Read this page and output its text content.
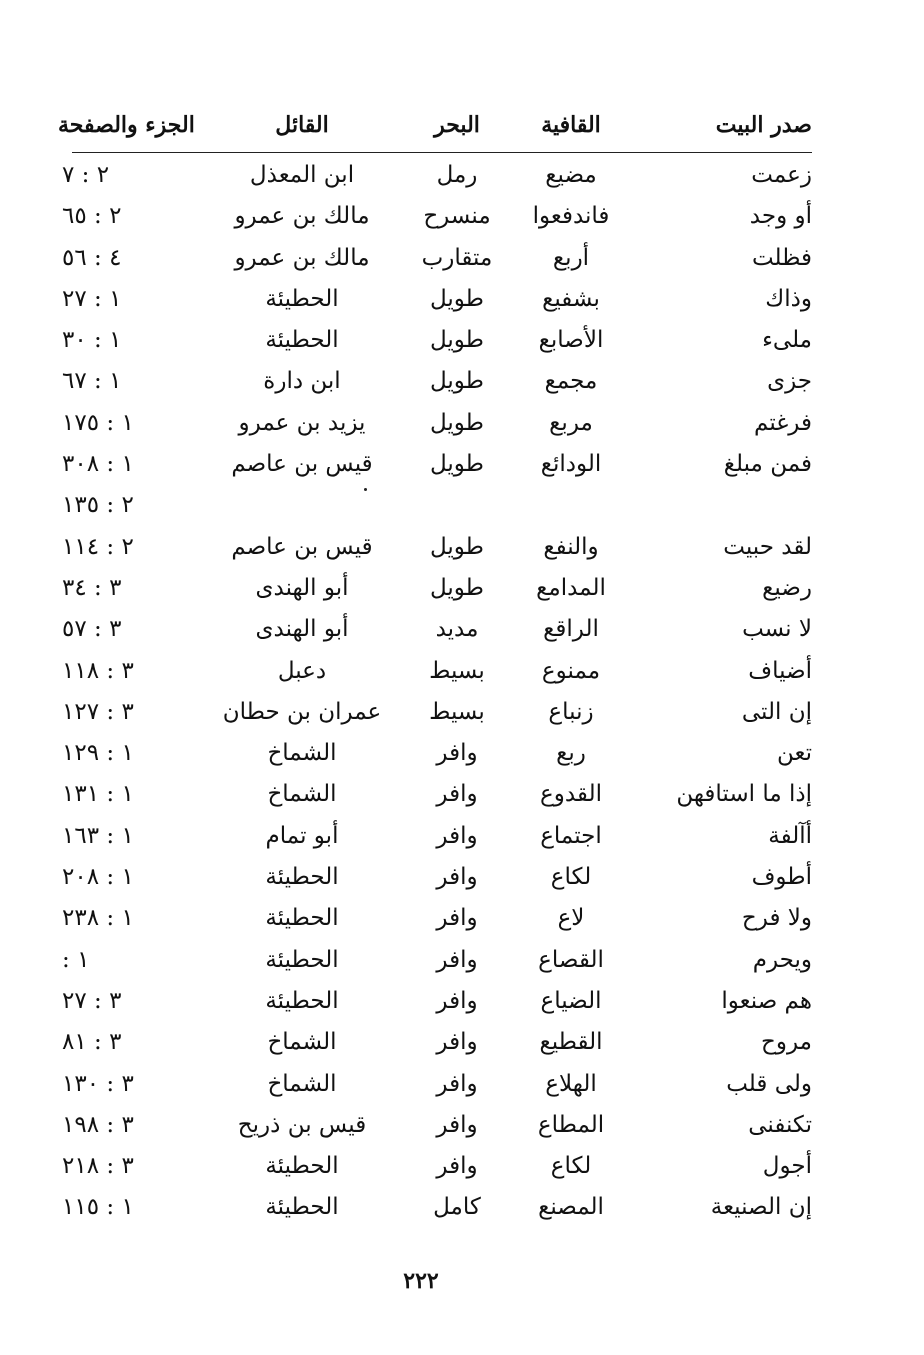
صدر البيت
القافية
البحر
القائل
الجزء والصفحة
زعمت
مضيع
رمل
ابن المعذل
٢ : ٧
أو وجد
فاندفعوا
منسرح
مالك بن عمرو
٢ : ٦٥
فظلت
أربع
متقارب
مالك بن عمرو
٤ : ٥٦
وذاك
بشفيع
طويل
الحطيئة
١ : ٢٧
ملىء
الأصابع
طويل
الحطيئة
١ : ٣٠
جزى
مجمع
طويل
ابن دارة
١ : ٦٧
فرغتم
مربع
طويل
يزيد بن عمرو
١ : ١٧٥
فمن مبلغ
الودائع
طويل
قيس بن عاصم
١ : ٣٠٨
٢ : ١٣٥
لقد حبيت
والنفع
طويل
قيس بن عاصم
٢ : ١١٤
رضيع
المدامع
طويل
أبو الهندى
٣ : ٣٤
لا نسب
الراقع
مديد
أبو الهندى
٣ : ٥٧
أضياف
ممنوع
بسيط
دعبل
٣ : ١١٨
إن التى
زنباع
بسيط
عمران بن حطان
٣ : ١٢٧
تعن
ربع
وافر
الشماخ
١ : ١٢٩
إذا ما استافهن
القدوع
وافر
الشماخ
١ : ١٣١
أآلفة
اجتماع
وافر
أبو تمام
١ : ١٦٣
أطوف
لكاع
وافر
الحطيئة
١ : ٢٠٨
ولا فرح
لاع
وافر
الحطيئة
١ : ٢٣٨
ويحرم
القصاع
وافر
الحطيئة
١ :
هم صنعوا
الضياع
وافر
الحطيئة
٣ : ٢٧
مروح
القطيع
وافر
الشماخ
٣ : ٨١
ولى قلب
الهلاع
وافر
الشماخ
٣ : ١٣٠
تكنفنى
المطاع
وافر
قيس بن ذريح
٣ : ١٩٨
أجول
لكاع
وافر
الحطيئة
٣ : ٢١٨
إن الصنيعة
المصنع
كامل
الحطيئة
١ : ١١٥
٢٢٢
